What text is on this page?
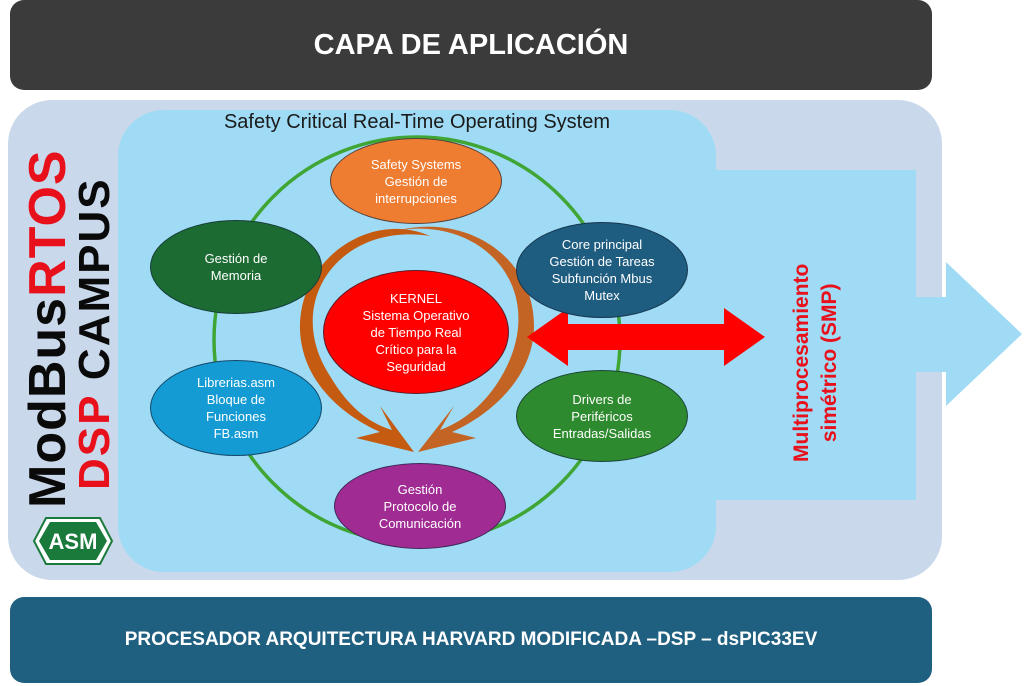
CAPA DE APLICACIÓN
Safety Critical Real-Time Operating System
Safety Systems
Gestión de
interrupciones
Core principal
Gestión de Tareas
Subfunción Mbus
Mutex
Drivers de
Periféricos
Entradas/Salidas
Gestión
Protocolo de
Comunicación
Librerias.asm
Bloque de
Funciones
FB.asm
Gestión de
Memoria
KERNEL
Sistema Operativo
de Tiempo Real
Crítico para la
Seguridad
ModBusRTOS
DSP CAMPUS
ASM
Multiprocesamiento simétrico (SMP)
PROCESADOR ARQUITECTURA HARVARD MODIFICADA –DSP – dsPIC33EV
